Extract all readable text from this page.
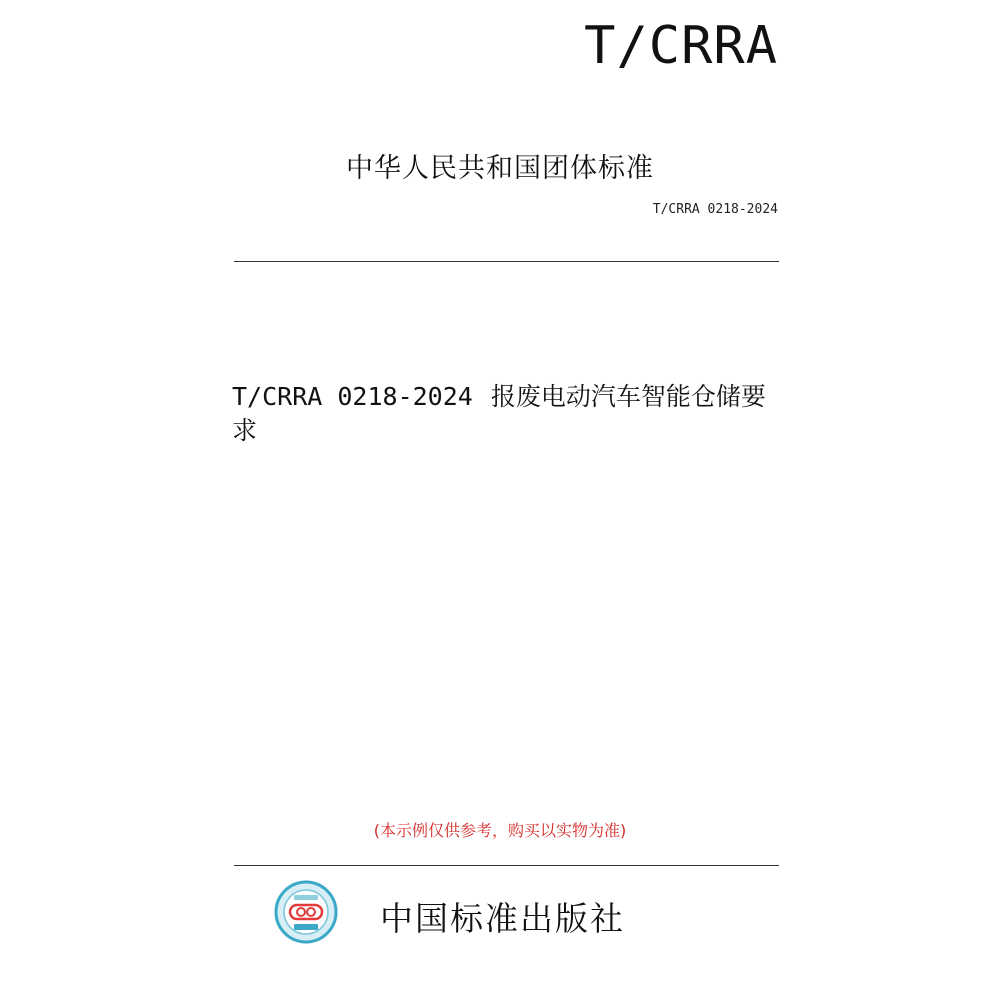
T/CRRA
中华人民共和国团体标准
T/CRRA 0218-2024
T/CRRA 0218-2024 报废电动汽车智能仓储要求
(本示例仅供参考，购买以实物为准)
中国标准出版社
